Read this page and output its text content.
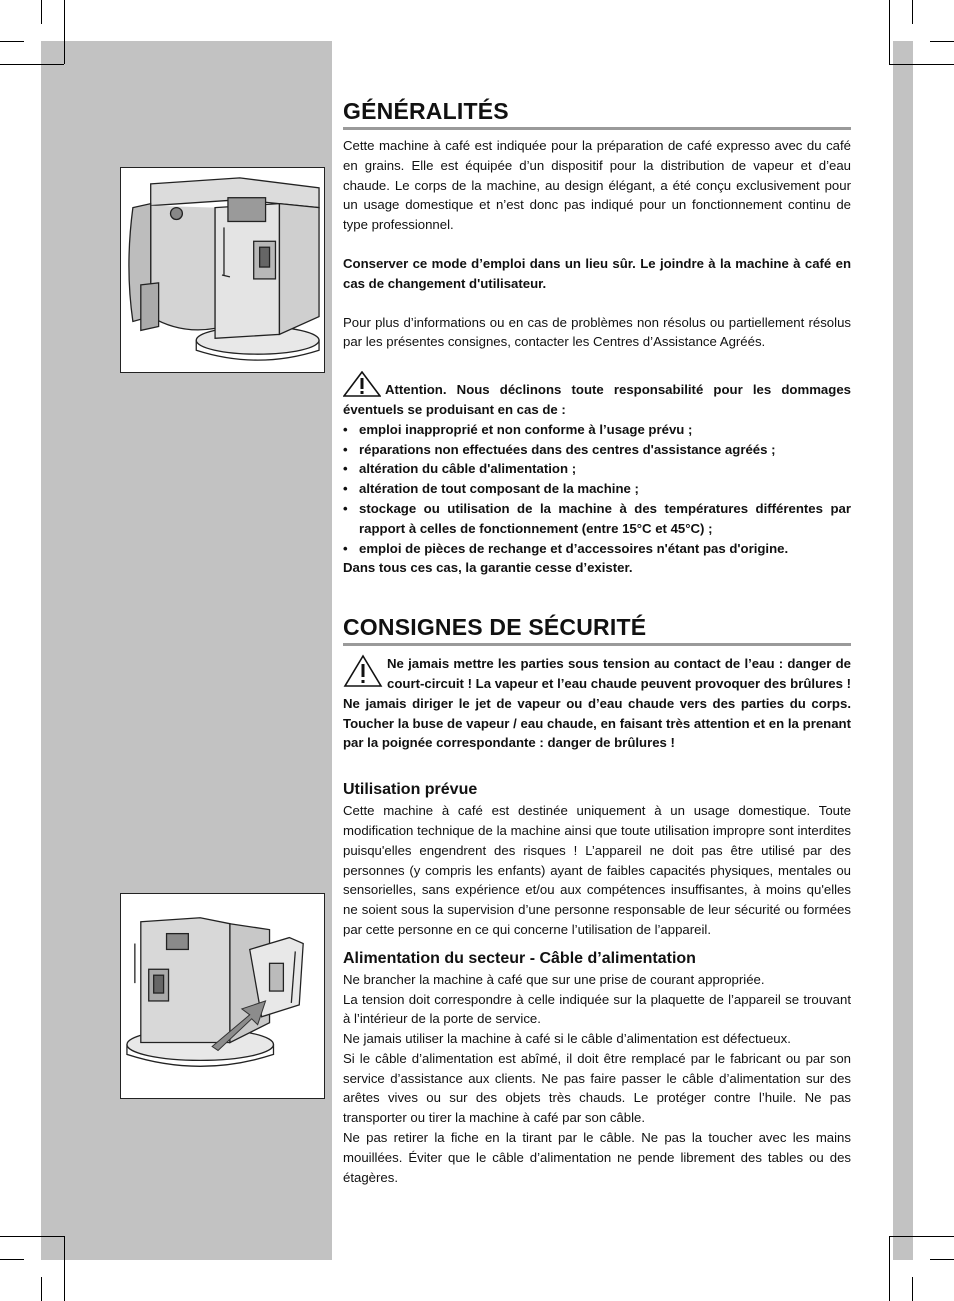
GÉNÉRALITÉS

Cette machine à café est indiquée pour la préparation de café expresso avec du café en grains. Elle est équipée d’un dispositif pour la distribution de vapeur et d’eau chaude. Le corps de la machine, au design élégant, a été conçu exclusivement pour un usage domestique et n’est donc pas indiqué pour un fonctionnement continu de type professionnel.

Conserver ce mode d’emploi dans un lieu sûr. Le joindre à la machine à café en cas de changement d'utilisateur.

Pour plus d’informations ou en cas de problèmes non résolus ou partiellement résolus par les présentes consignes, contacter les Centres d’Assistance Agréés.

Attention. Nous déclinons toute responsabilité pour les dommages éventuels se produisant en cas de :

• emploi inapproprié et non conforme à l’usage prévu ;
• réparations non effectuées dans des centres d'assistance agréés ;
• altération du câble d'alimentation ;
• altération de tout composant de la machine ;
• stockage ou utilisation de la machine à des températures différentes par rapport à celles de fonctionnement (entre 15°C et 45°C) ;
• emploi de pièces de rechange et d’accessoires n'étant pas d'origine.

Dans tous ces cas, la garantie cesse d’exister.

CONSIGNES DE SÉCURITÉ

Ne jamais mettre les parties sous tension au contact de l’eau : danger de court-circuit ! La vapeur et l’eau chaude peuvent provoquer des brûlures ! Ne jamais diriger le jet de vapeur ou d’eau chaude vers des parties du corps. Toucher la buse de vapeur / eau chaude, en faisant très attention et en la prenant par la poignée correspondante : danger de brûlures !

Utilisation prévue

Cette machine à café est destinée uniquement à un usage domestique. Toute modification technique de la machine ainsi que toute utilisation impropre sont interdites puisqu'elles engendrent des risques ! L’appareil ne doit pas être utilisé par des personnes (y compris les enfants) ayant de faibles capacités physiques, mentales ou sensorielles, sans expérience et/ou aux compétences insuffisantes, à moins qu'elles ne soient sous la supervision d’une personne responsable de leur sécurité ou formées par cette personne en ce qui concerne l’utilisation de l’appareil.

Alimentation du secteur - Câble d’alimentation

Ne brancher la machine à café que sur une prise de courant appropriée.

La tension doit correspondre à celle indiquée sur la plaquette de l’appareil se trouvant à l’intérieur de la porte de service.

Ne jamais utiliser la machine à café si le câble d’alimentation est défectueux.

Si le câble d’alimentation est abîmé, il doit être remplacé par le fabricant ou par son service d’assistance aux clients. Ne pas faire passer le câble d’alimentation sur des arêtes vives ou sur des objets très chauds. Le protéger contre l’huile. Ne pas transporter ou tirer la machine à café par son câble.

Ne pas retirer la fiche en la tirant par le câble. Ne pas la toucher avec les mains mouillées. Éviter que le câble d’alimentation ne pende librement des tables ou des étagères.
